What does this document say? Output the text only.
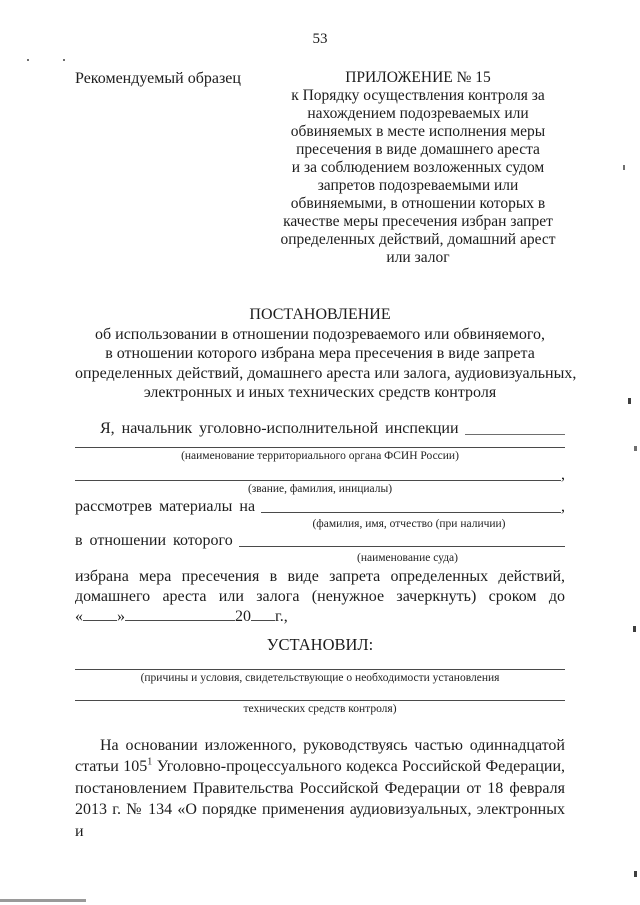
53
Рекомендуемый образец	ПРИЛОЖЕНИЕ № 15
к Порядку осуществления контроля за
нахождением подозреваемых или
обвиняемых в месте исполнения меры
пресечения в виде домашнего ареста
и за соблюдением возложенных судом
запретов подозреваемыми или
обвиняемыми, в отношении которых в
качестве меры пресечения избран запрет
определенных действий, домашний арест
или залог
ПОСТАНОВЛЕНИЕ
об использовании в отношении подозреваемого или обвиняемого,
в отношении которого избрана мера пресечения в виде запрета
определенных действий, домашнего ареста или залога, аудиовизуальных,
электронных и иных технических средств контроля
Я, начальник уголовно-исполнительной инспекции
(наименование территориального органа ФСИН России)
,
(звание, фамилия, инициалы)
рассмотрев материалы на	,
(фамилия, имя, отчество (при наличии)
в отношении которого
(наименование суда)
избрана мера пресечения в виде запрета определенных действий,
домашнего ареста или залога (ненужное зачеркнуть) сроком до
« »	20 г.,
УСТАНОВИЛ:
(причины и условия, свидетельствующие о необходимости установления
технических средств контроля)
На основании изложенного, руководствуясь частью одиннадцатой
статьи $105^1$ Уголовно-процессуального кодекса Российской Федерации,
постановлением Правительства Российской Федерации от 18 февраля
2013 г. № 134 «О порядке применения аудиовизуальных, электронных и
